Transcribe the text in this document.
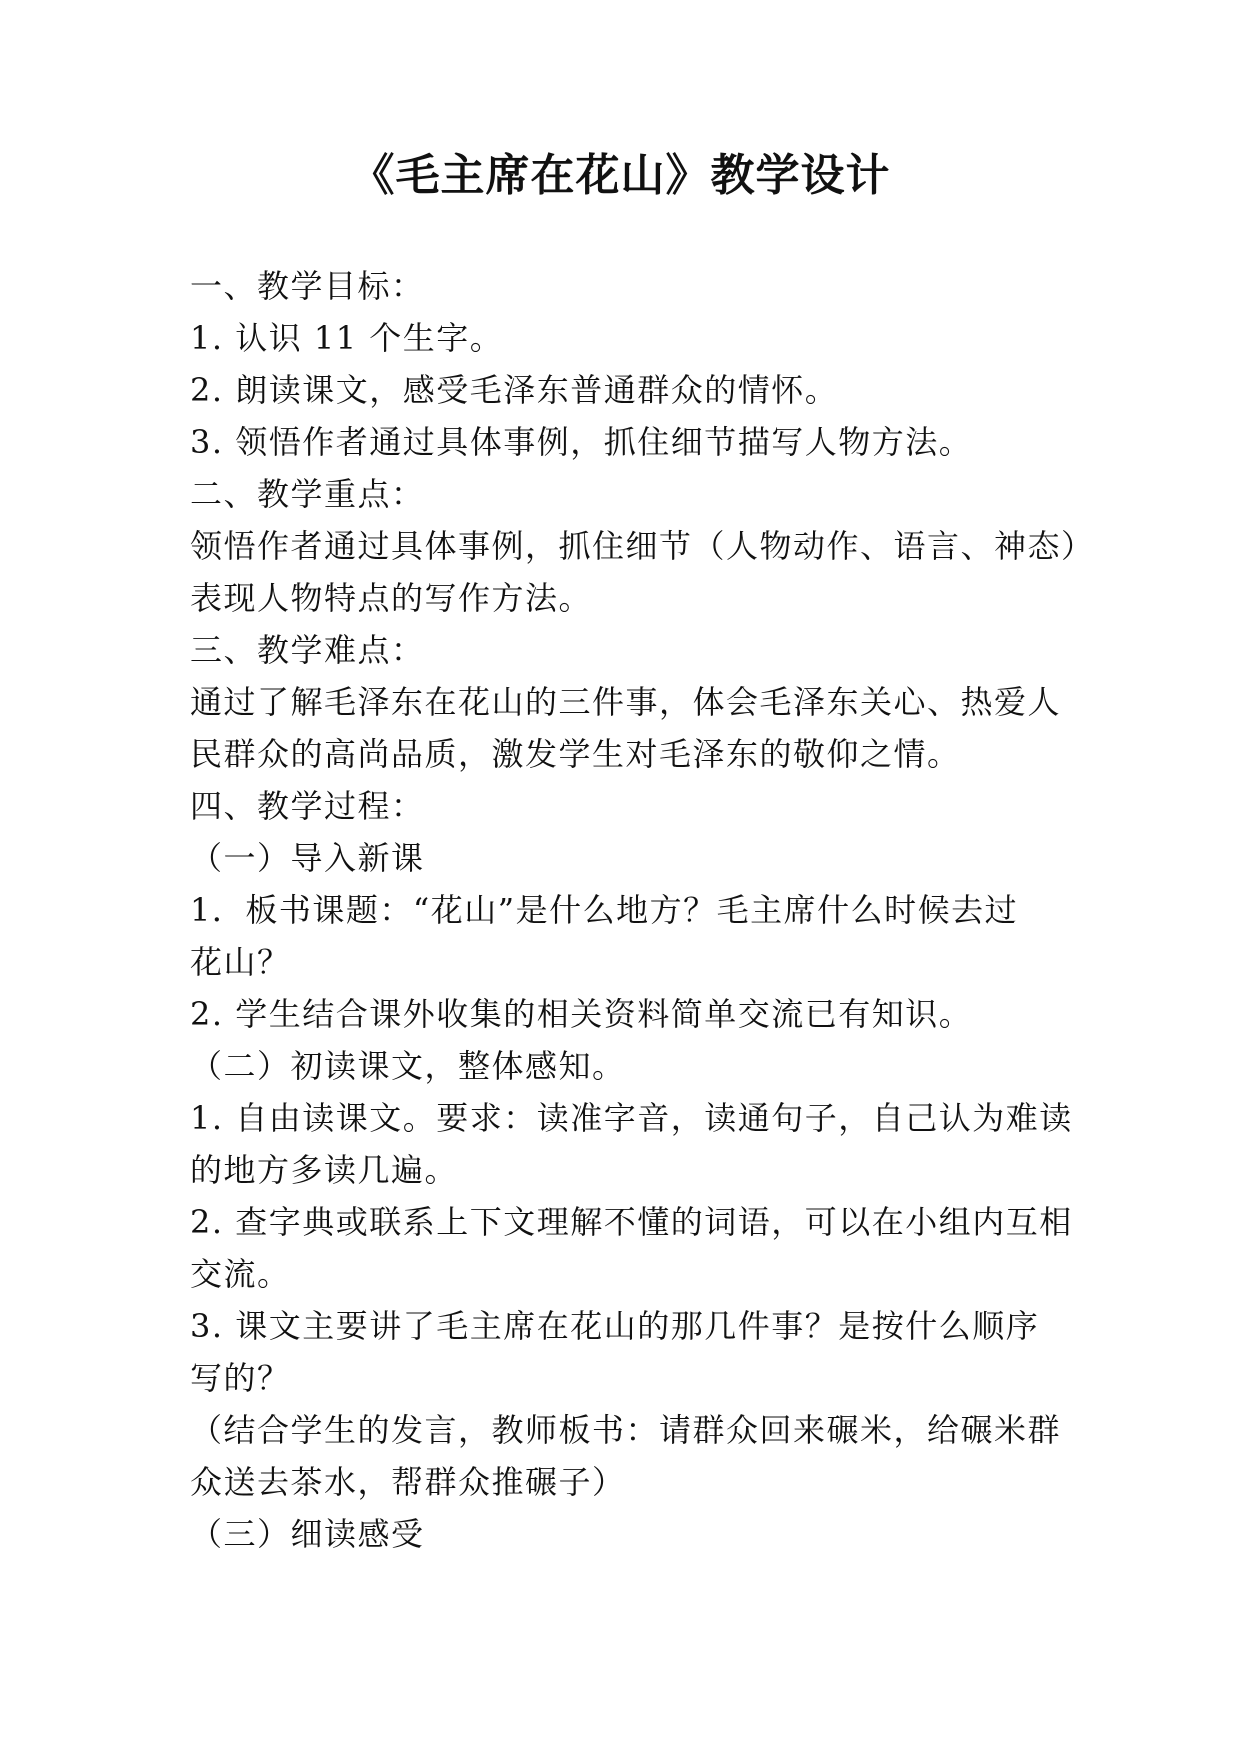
《毛主席在花山》教学设计
一、教学目标：
1. 认识 11 个生字。
2. 朗读课文，感受毛泽东普通群众的情怀。
3. 领悟作者通过具体事例，抓住细节描写人物方法。
二、教学重点：
领悟作者通过具体事例，抓住细节（人物动作、语言、神态）
表现人物特点的写作方法。
三、教学难点：
通过了解毛泽东在花山的三件事，体会毛泽东关心、热爱人
民群众的高尚品质，激发学生对毛泽东的敬仰之情。
四、教学过程：
（一）导入新课
1．板书课题：“花山”是什么地方？毛主席什么时候去过
花山？
2. 学生结合课外收集的相关资料简单交流已有知识。
（二）初读课文，整体感知。
1. 自由读课文。要求：读准字音，读通句子，自己认为难读
的地方多读几遍。
2. 查字典或联系上下文理解不懂的词语，可以在小组内互相
交流。
3. 课文主要讲了毛主席在花山的那几件事？是按什么顺序
写的？
（结合学生的发言，教师板书：请群众回来碾米，给碾米群
众送去茶水，帮群众推碾子）
（三）细读感受
